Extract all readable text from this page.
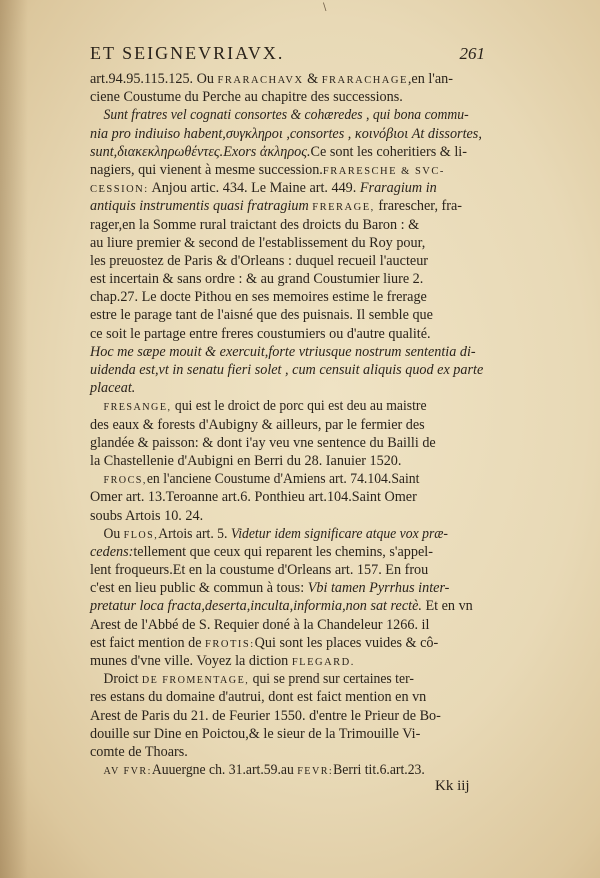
\
ET SEIGNEVRIAVX.	261
art.94.95.115.125. Ou FRARACHAVX & FRARACHAGE,en l'an-
ciene Coustume du Perche au chapitre des successions.
Sunt fratres vel cognati consortes & cohæredes , qui bona commu-
nia pro indiuiso habent,συγκληροι ,consortes , κοινόβιοι At dissortes,
sunt,διακεκληρωθέντες.Exors ἀκληρος.Ce sont les coheritiers & li-
nagiers, qui vienent à mesme succession.FRARESCHE & SVC-
CESSION: Anjou artic. 434. Le Maine art. 449. Fraragium in
antiquis instrumentis quasi fratragium FRERAGE, frarescher, fra-
rager,en la Somme rural traictant des droicts du Baron : &
au liure premier & second de l'establissement du Roy pour,
les preuostez de Paris & d'Orleans : duquel recueil l'aucteur
est incertain & sans ordre : & au grand Coustumier liure 2.
chap.27. Le docte Pithou en ses memoires estime le frerage
estre le parage tant de l'aisné que des puisnais. Il semble que
ce soit le partage entre freres coustumiers ou d'autre qualité.
Hoc me sæpe mouit & exercuit,forte vtriusque nostrum sententia di-
uidenda est,vt in senatu fieri solet , cum censuit aliquis quod ex parte
placeat.
FRESANGE, qui est le droict de porc qui est deu au maistre
des eaux & forests d'Aubigny & ailleurs, par le fermier des
glandée & paisson: & dont i'ay veu vne sentence du Bailli de
la Chastellenie d'Aubigni en Berri du 28. Ianuier 1520.
FROCS,en l'anciene Coustume d'Amiens art. 74.104.Saint
Omer art. 13.Teroanne art.6. Ponthieu art.104.Saint Omer
soubs Artois 10. 24.
Ou FLOS,Artois art. 5. Videtur idem significare atque vox præ-
cedens:tellement que ceux qui reparent les chemins, s'appel-
lent froqueurs.Et en la coustume d'Orleans art. 157. En frou
c'est en lieu public & commun à tous: Vbi tamen Pyrrhus inter-
pretatur loca fracta,deserta,inculta,informia,non sat rectè. Et en vn
Arest de l'Abbé de S. Requier doné à la Chandeleur 1266. il
est faict mention de FROTIS:Qui sont les places vuides & cô-
munes d'vne ville. Voyez la diction FLEGARD.
Droict DE FROMENTAGE, qui se prend sur certaines ter-
res estans du domaine d'autrui, dont est faict mention en vn
Arest de Paris du 21. de Feurier 1550. d'entre le Prieur de Bo-
douille sur Dine en Poictou,& le sieur de la Trimouille Vi-
comte de Thoars.
AV FVR:Auuergne ch. 31.art.59.au FEVR:Berri tit.6.art.23.
Kk iij
